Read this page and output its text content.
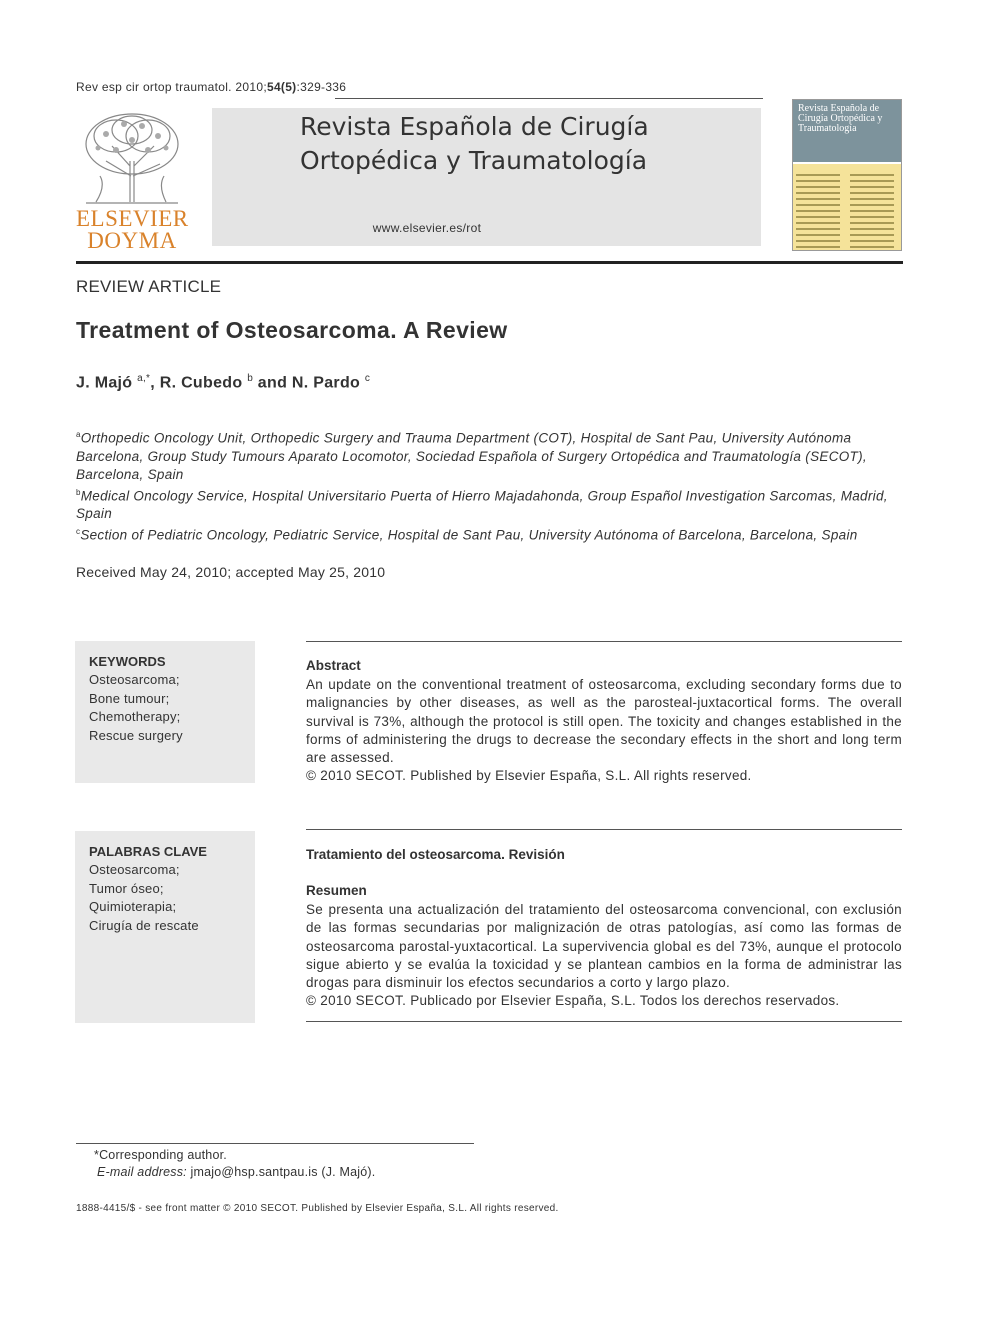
Rev esp cir ortop traumatol. 2010;54(5):329-336
ELSEVIER
DOYMA
Revista Española de Cirugía
Ortopédica y Traumatología
www.elsevier.es/rot
Revista Española de Cirugía Ortopédica y Traumatología
REVIEW ARTICLE
Treatment of Osteosarcoma. A Review
J. Majó $^{a,*}$, R. Cubedo $^b$ and N. Pardo $^c$
$^a$Orthopedic Oncology Unit, Orthopedic Surgery and Trauma Department (COT), Hospital de Sant Pau, University Autónoma Barcelona, Group Study Tumours Aparato Locomotor, Sociedad Española of Surgery Ortopédica and Traumatología (SECOT), Barcelona, Spain
$^b$Medical Oncology Service, Hospital Universitario Puerta of Hierro Majadahonda, Group Español Investigation Sarcomas, Madrid, Spain
$^c$Section of Pediatric Oncology, Pediatric Service, Hospital de Sant Pau, University Autónoma of Barcelona, Barcelona, Spain
Received May 24, 2010; accepted May 25, 2010
KEYWORDS
Osteosarcoma;
Bone tumour;
Chemotherapy;
Rescue surgery
Abstract

An update on the conventional treatment of osteosarcoma, excluding secondary forms due to malignancies by other diseases, as well as the parosteal-juxtacortical forms. The overall survival is 73%, although the protocol is still open. The toxicity and changes established in the forms of administering the drugs to decrease the secondary effects in the short and long term are assessed.

© 2010 SECOT. Published by Elsevier España, S.L. All rights reserved.

PALABRAS CLAVE
Osteosarcoma;
Tumor óseo;
Quimioterapia;
Cirugía de rescate
Tratamiento del osteosarcoma. Revisión
Resumen

Se presenta una actualización del tratamiento del osteosarcoma convencional, con exclusión de las formas secundarias por malignización de otras patologías, así como las formas de osteosarcoma parostal-yuxtacortical. La supervivencia global es del 73%, aunque el protocolo sigue abierto y se evalúa la toxicidad y se plantean cambios en la forma de administrar las drogas para disminuir los efectos secundarios a corto y largo plazo.

© 2010 SECOT. Publicado por Elsevier España, S.L. Todos los derechos reservados.

*Corresponding author.
E-mail address: jmajo@hsp.santpau.is (J. Majó).
1888-4415/$ - see front matter © 2010 SECOT. Published by Elsevier España, S.L. All rights reserved.
